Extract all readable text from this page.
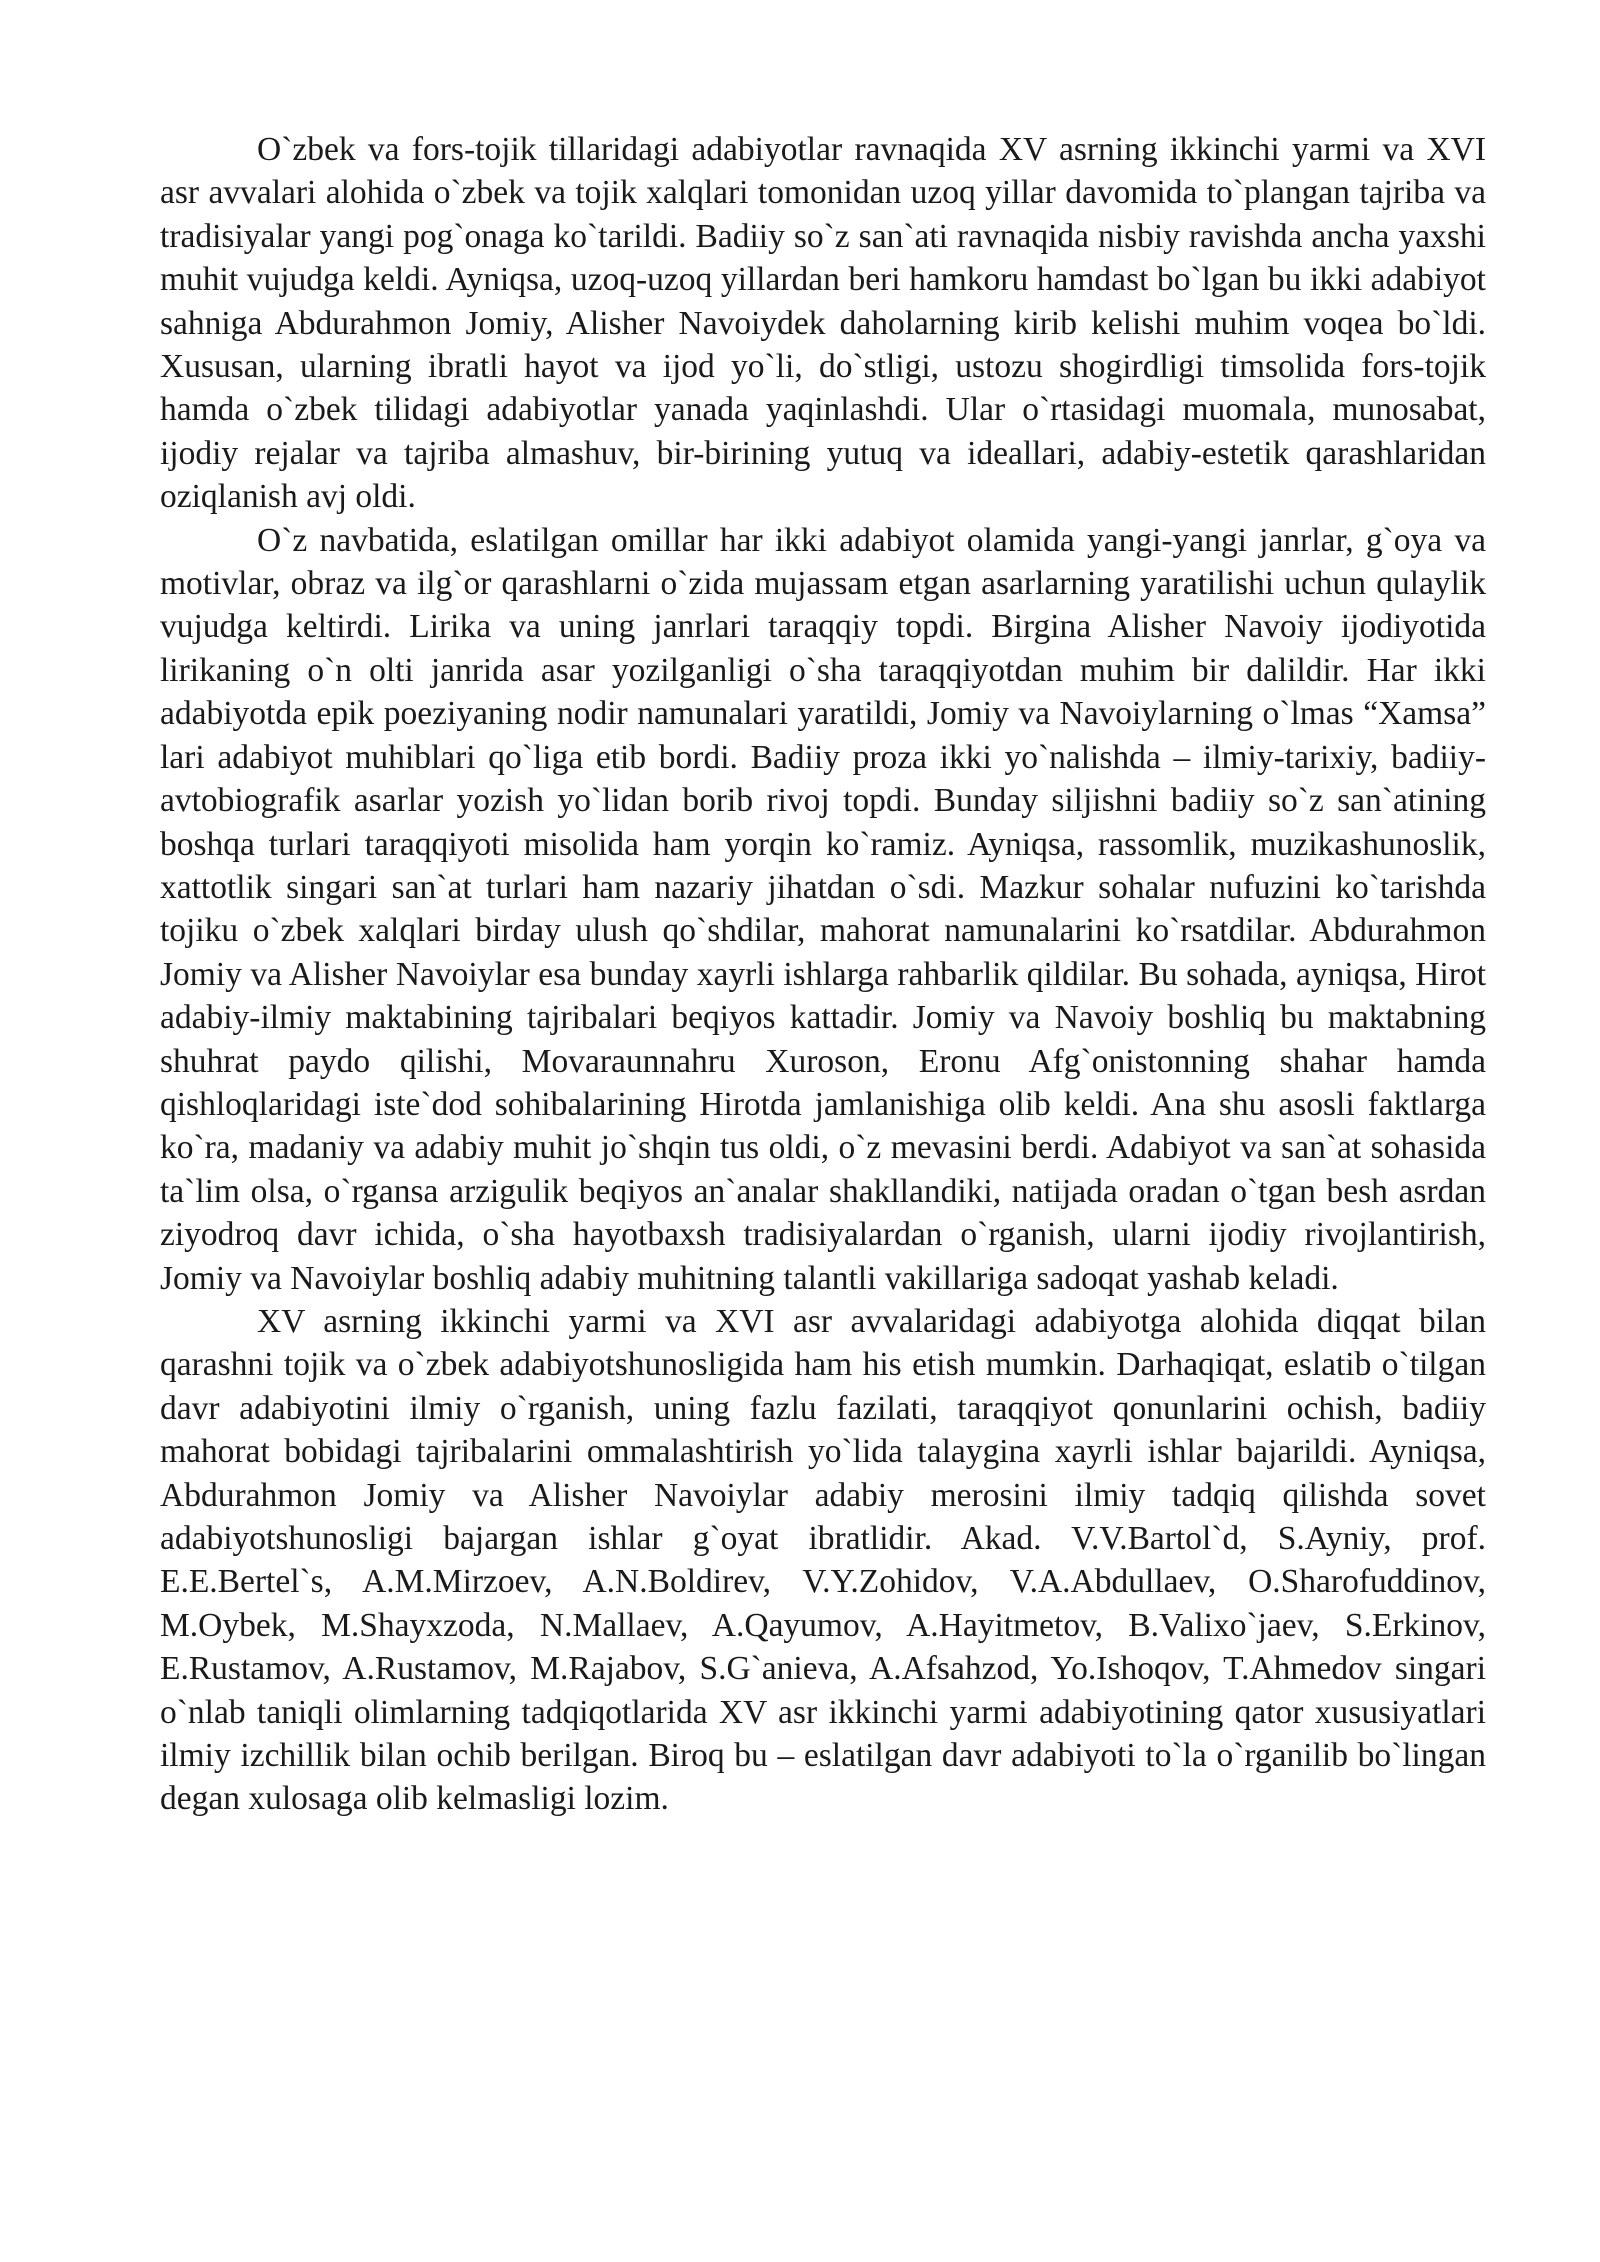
O`zbek va fors-tojik tillaridagi adabiyotlar ravnaqida XV asrning ikkinchi yarmi va XVI asr avvalari alohida o`zbek va tojik xalqlari tomonidan uzoq yillar davomida to`plangan tajriba va tradisiyalar yangi pog`onaga ko`tarildi. Badiiy so`z san`ati ravnaqida nisbiy ravishda ancha yaxshi muhit vujudga keldi. Ayniqsa, uzoq-uzoq yillardan beri hamkoru hamdast bo`lgan bu ikki adabiyot sahniga Abdurahmon Jomiy, Alisher Navoiydek daholarning kirib kelishi muhim voqea bo`ldi. Xususan, ularning ibratli hayot va ijod yo`li, do`stligi, ustozu shogirdligi timsolida fors-tojik hamda o`zbek tilidagi adabiyotlar yanada yaqinlashdi. Ular o`rtasidagi muomala, munosabat, ijodiy rejalar va tajriba almashuv, bir-birining yutuq va ideallari, adabiy-estetik qarashlaridan oziqlanish avj oldi.

O`z navbatida, eslatilgan omillar har ikki adabiyot olamida yangi-yangi janrlar, g`oya va motivlar, obraz va ilg`or qarashlarni o`zida mujassam etgan asarlarning yaratilishi uchun qulaylik vujudga keltirdi. Lirika va uning janrlari taraqqiy topdi. Birgina Alisher Navoiy ijodiyotida lirikaning o`n olti janrida asar yozilganligi o`sha taraqqiyotdan muhim bir dalildir. Har ikki adabiyotda epik poeziyaning nodir namunalari yaratildi, Jomiy va Navoiylarning o`lmas “Xamsa” lari adabiyot muhiblari qo`liga etib bordi. Badiiy proza ikki yo`nalishda – ilmiy-tarixiy, badiiy-avtobiografik asarlar yozish yo`lidan borib rivoj topdi. Bunday siljishni badiiy so`z san`atining boshqa turlari taraqqiyoti misolida ham yorqin ko`ramiz. Ayniqsa, rassomlik, muzikashunoslik, xattotlik singari san`at turlari ham nazariy jihatdan o`sdi. Mazkur sohalar nufuzini ko`tarishda tojiku o`zbek xalqlari birday ulush qo`shdilar, mahorat namunalarini ko`rsatdilar. Abdurahmon Jomiy va Alisher Navoiylar esa bunday xayrli ishlarga rahbarlik qildilar. Bu sohada, ayniqsa, Hirot adabiy-ilmiy maktabining tajribalari beqiyos kattadir. Jomiy va Navoiy boshliq bu maktabning shuhrat paydo qilishi, Movaraunnahru Xuroson, Eronu Afg`onistonning shahar hamda qishloqlaridagi iste`dod sohibalarining Hirotda jamlanishiga olib keldi. Ana shu asosli faktlarga ko`ra, madaniy va adabiy muhit jo`shqin tus oldi, o`z mevasini berdi. Adabiyot va san`at sohasida ta`lim olsa, o`rgansa arzigulik beqiyos an`analar shakllandiki, natijada oradan o`tgan besh asrdan ziyodroq davr ichida, o`sha hayotbaxsh tradisiyalardan o`rganish, ularni ijodiy rivojlantirish, Jomiy va Navoiylar boshliq adabiy muhitning talantli vakillariga sadoqat yashab keladi.

XV asrning ikkinchi yarmi va XVI asr avvalaridagi adabiyotga alohida diqqat bilan qarashni tojik va o`zbek adabiyotshunosligida ham his etish mumkin. Darhaqiqat, eslatib o`tilgan davr adabiyotini ilmiy o`rganish, uning fazlu fazilati, taraqqiyot qonunlarini ochish, badiiy mahorat bobidagi tajribalarini ommalashtirish yo`lida talaygina xayrli ishlar bajarildi. Ayniqsa, Abdurahmon Jomiy va Alisher Navoiylar adabiy merosini ilmiy tadqiq qilishda sovet adabiyotshunosligi bajargan ishlar g`oyat ibratlidir. Akad. V.V.Bartol`d, S.Ayniy, prof. E.E.Bertel`s, A.M.Mirzoev, A.N.Boldirev, V.Y.Zohidov, V.A.Abdullaev, O.Sharofuddinov, M.Oybek, M.Shayxzoda, N.Mallaev, A.Qayumov, A.Hayitmetov, B.Valixo`jaev, S.Erkinov, E.Rustamov, A.Rustamov, M.Rajabov, S.G`anieva, A.Afsahzod, Yo.Ishoqov, T.Ahmedov singari o`nlab taniqli olimlarning tadqiqotlarida XV asr ikkinchi yarmi adabiyotining qator xususiyatlari ilmiy izchillik bilan ochib berilgan. Biroq bu – eslatilgan davr adabiyoti to`la o`rganilib bo`lingan degan xulosaga olib kelmasligi lozim.
